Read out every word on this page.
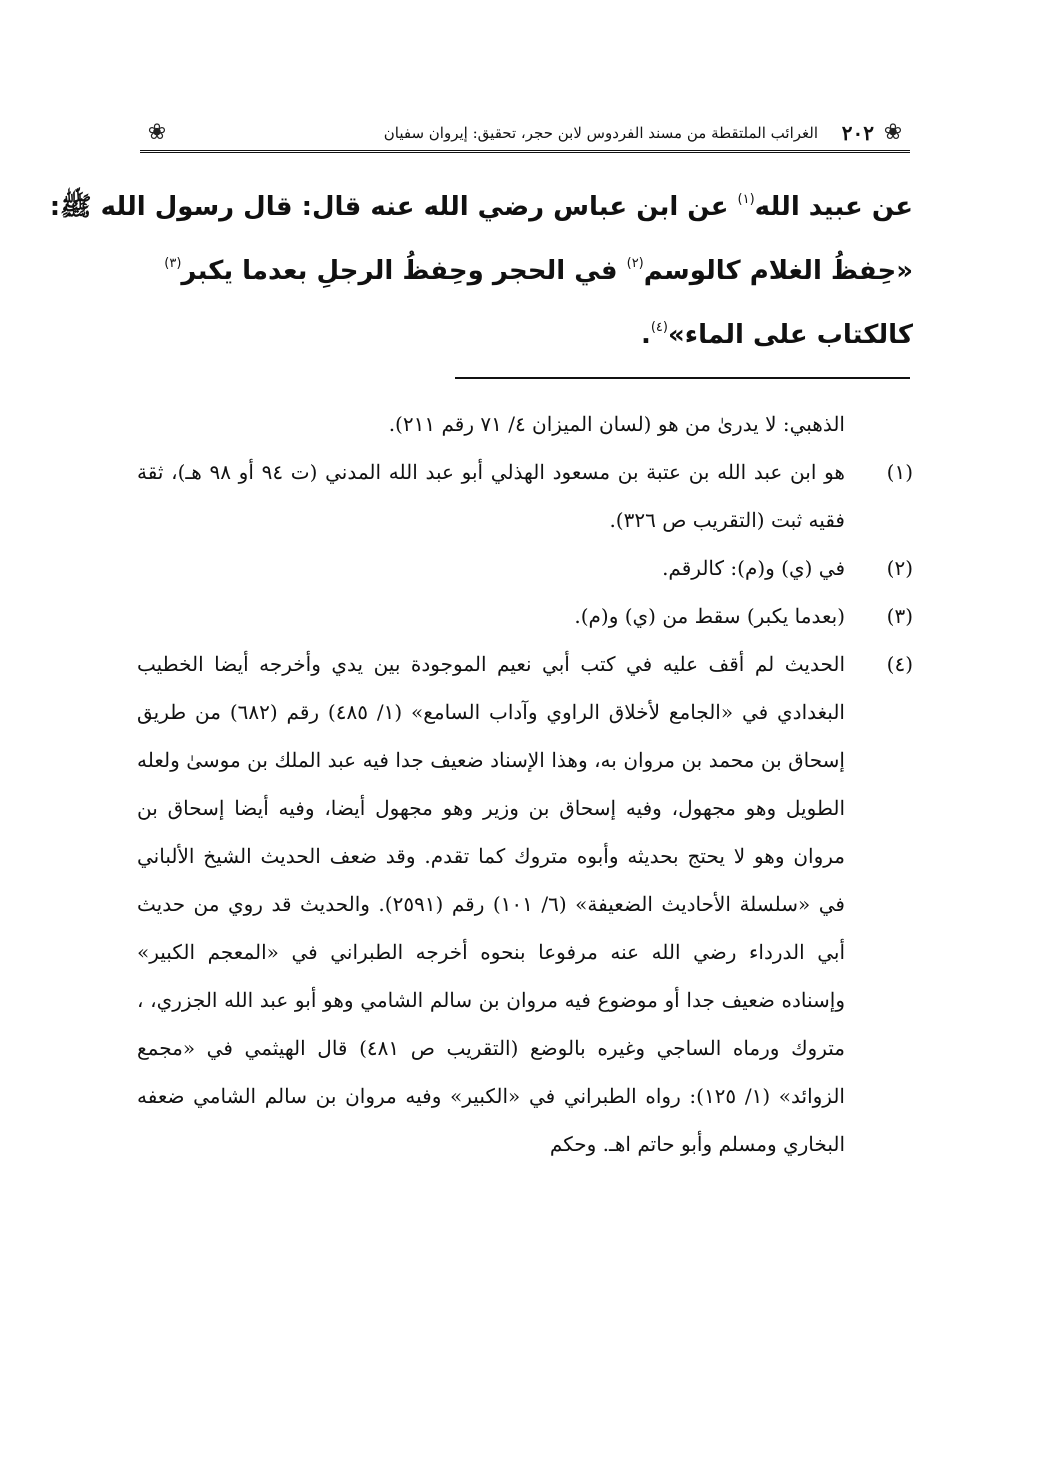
❀
٢٠٢
الغرائب الملتقطة من مسند الفردوس لابن حجر، تحقيق: إيروان سفيان
❀
عن عبيد الله$^{(١)}$ عن ابن عباس رضي الله عنه قال: قال رسول الله ﷺ:
«حِفظُ الغلام كالوسم$^{(٢)}$ في الحجر وحِفظُ الرجلِ بعدما يكبر$^{(٣)}$
كالكتاب على الماء»$^{(٤)}$.
الذهبي: لا يدرىٰ من هو (لسان الميزان ٤/ ٧١ رقم ٢١١).
(١)
هو ابن عبد الله بن عتبة بن مسعود الهذلي أبو عبد الله المدني (ت ٩٤ أو ٩٨ هـ)، ثقة فقيه ثبت (التقريب ص ٣٢٦).
(٢)
في (ي) و(م): كالرقم.
(٣)
(بعدما يكبر) سقط من (ي) و(م).
(٤)
الحديث لم أقف عليه في كتب أبي نعيم الموجودة بين يدي وأخرجه أيضا الخطيب البغدادي في «الجامع لأخلاق الراوي وآداب السامع» (١/ ٤٨٥) رقم (٦٨٢) من طريق إسحاق بن محمد بن مروان به، وهذا الإسناد ضعيف جدا فيه عبد الملك بن موسىٰ ولعله الطويل وهو مجهول، وفيه إسحاق بن وزير وهو مجهول أيضا، وفيه أيضا إسحاق بن مروان وهو لا يحتج بحديثه وأبوه متروك كما تقدم. وقد ضعف الحديث الشيخ الألباني في «سلسلة الأحاديث الضعيفة» (٦/ ١٠١) رقم (٢٥٩١). والحديث قد روي من حديث أبي الدرداء رضي الله عنه مرفوعا بنحوه أخرجه الطبراني في «المعجم الكبير» وإسناده ضعيف جدا أو موضوع فيه مروان بن سالم الشامي وهو أبو عبد الله الجزري، ، متروك ورماه الساجي وغيره بالوضع (التقريب ص ٤٨١) قال الهيثمي في «مجمع الزوائد» (١/ ١٢٥): رواه الطبراني في «الكبير» وفيه مروان بن سالم الشامي ضعفه البخاري ومسلم وأبو حاتم اهـ. وحكم
